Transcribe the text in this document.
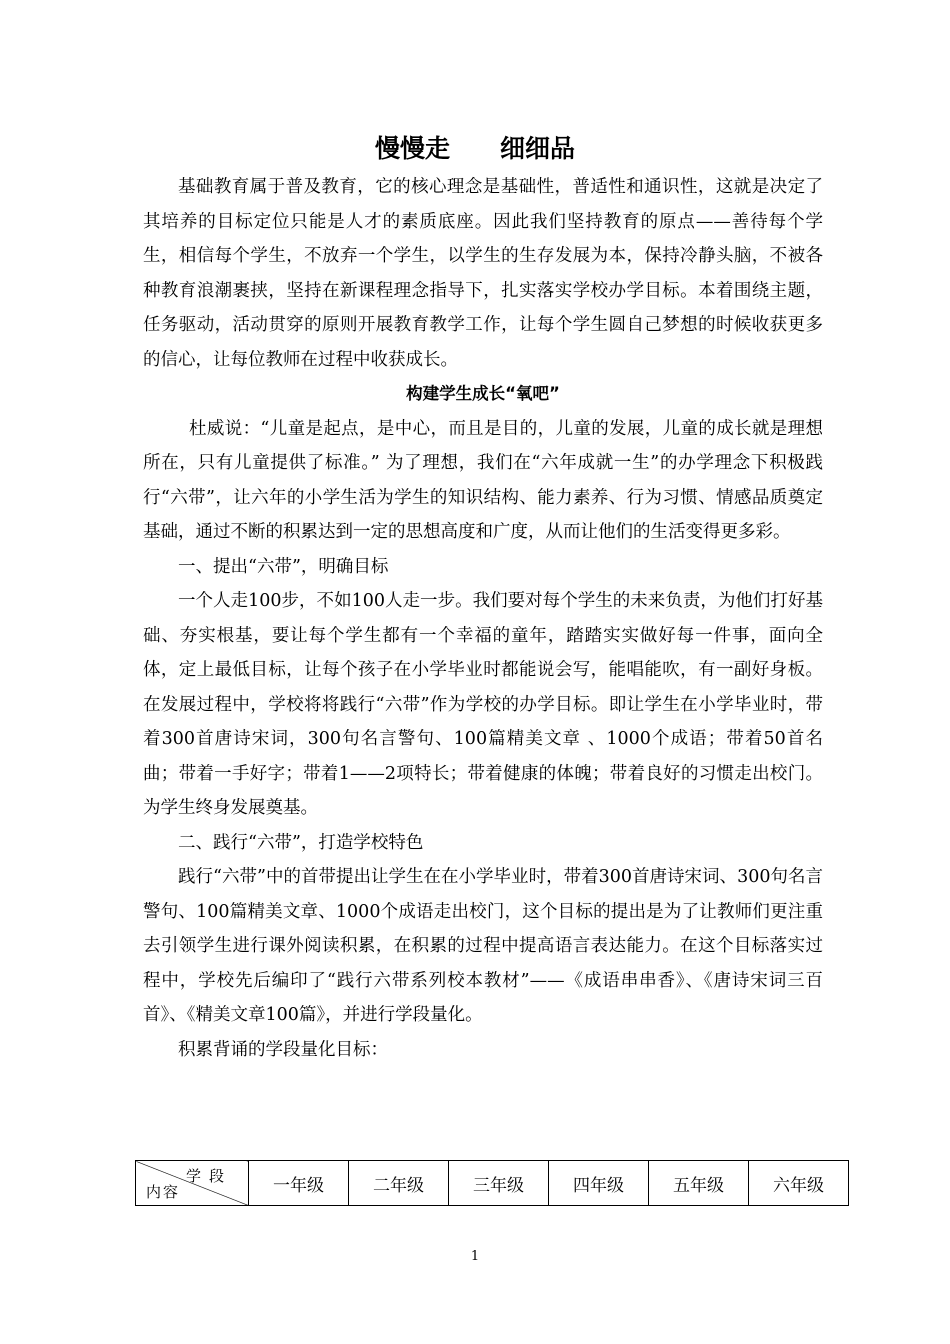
慢慢走　　细细品

基础教育属于普及教育，它的核心理念是基础性，普适性和通识性，这就是决定了其培养的目标定位只能是人才的素质底座。因此我们坚持教育的原点——善待每个学生，相信每个学生，不放弃一个学生，以学生的生存发展为本，保持冷静头脑，不被各种教育浪潮裹挟，坚持在新课程理念指导下，扎实落实学校办学目标。本着围绕主题，任务驱动，活动贯穿的原则开展教育教学工作，让每个学生圆自己梦想的时候收获更多的信心，让每位教师在过程中收获成长。

构建学生成长“氧吧”

杜威说：“儿童是起点，是中心，而且是目的，儿童的发展，儿童的成长就是理想所在，只有儿童提供了标准。” 为了理想，我们在“六年成就一生”的办学理念下积极践行“六带”，让六年的小学生活为学生的知识结构、能力素养、行为习惯、情感品质奠定基础，通过不断的积累达到一定的思想高度和广度，从而让他们的生活变得更多彩。

一、提出“六带”，明确目标

一个人走100步，不如100人走一步。我们要对每个学生的未来负责，为他们打好基础、夯实根基，要让每个学生都有一个幸福的童年，踏踏实实做好每一件事，面向全体，定上最低目标，让每个孩子在小学毕业时都能说会写，能唱能吹，有一副好身板。在发展过程中，学校将将践行“六带”作为学校的办学目标。即让学生在小学毕业时，带着300首唐诗宋词，300句名言警句、100篇精美文章 、1000个成语；带着50首名曲；带着一手好字；带着1——2项特长；带着健康的体魄；带着良好的习惯走出校门。为学生终身发展奠基。

二、践行“六带”，打造学校特色

践行“六带”中的首带提出让学生在在小学毕业时，带着300首唐诗宋词、300句名言警句、100篇精美文章、1000个成语走出校门，这个目标的提出是为了让教师们更注重去引领学生进行课外阅读积累，在积累的过程中提高语言表达能力。在这个目标落实过程中，学校先后编印了“践行六带系列校本教材”——《成语串串香》、《唐诗宋词三百首》、《精美文章100篇》，并进行学段量化。

积累背诵的学段量化目标：

学段
内容	一年级	二年级	三年级	四年级	五年级	六年级
1
